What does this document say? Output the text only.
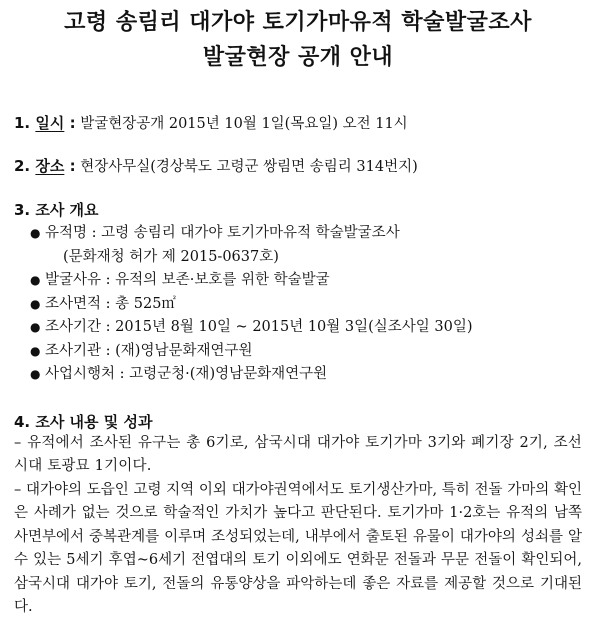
고령 송림리 대가야 토기가마유적 학술발굴조사
발굴현장 공개 안내
1. 일시 : 발굴현장공개 2015년 10월 1일(목요일) 오전 11시
2. 장소 : 현장사무실(경상북도 고령군 쌍림면 송림리 314번지)
3. 조사 개요
● 유적명 : 고령 송림리 대가야 토기가마유적 학술발굴조사
(문화재청 허가 제 2015-0637호)
● 발굴사유 : 유적의 보존·보호를 위한 학술발굴
● 조사면적 : 총 525㎡
● 조사기간 : 2015년 8월 10일 ~ 2015년 10월 3일(실조사일 30일)
● 조사기관 : (재)영남문화재연구원
● 사업시행처 : 고령군청·(재)영남문화재연구원
4. 조사 내용 및 성과

– 유적에서 조사된 유구는 총 6기로, 삼국시대 대가야 토기가마 3기와 폐기장 2기, 조선시대 토광묘 1기이다.

– 대가야의 도읍인 고령 지역 이외 대가야권역에서도 토기생산가마, 특히 전돌 가마의 확인은 사례가 없는 것으로 학술적인 가치가 높다고 판단된다. 토기가마 1·2호는 유적의 남쪽 사면부에서 중복관계를 이루며 조성되었는데, 내부에서 출토된 유물이 대가야의 성쇠를 알 수 있는 5세기 후엽~6세기 전엽대의 토기 이외에도 연화문 전돌과 무문 전돌이 확인되어, 삼국시대 대가야 토기, 전돌의 유통양상을 파악하는데 좋은 자료를 제공할 것으로 기대된다.
